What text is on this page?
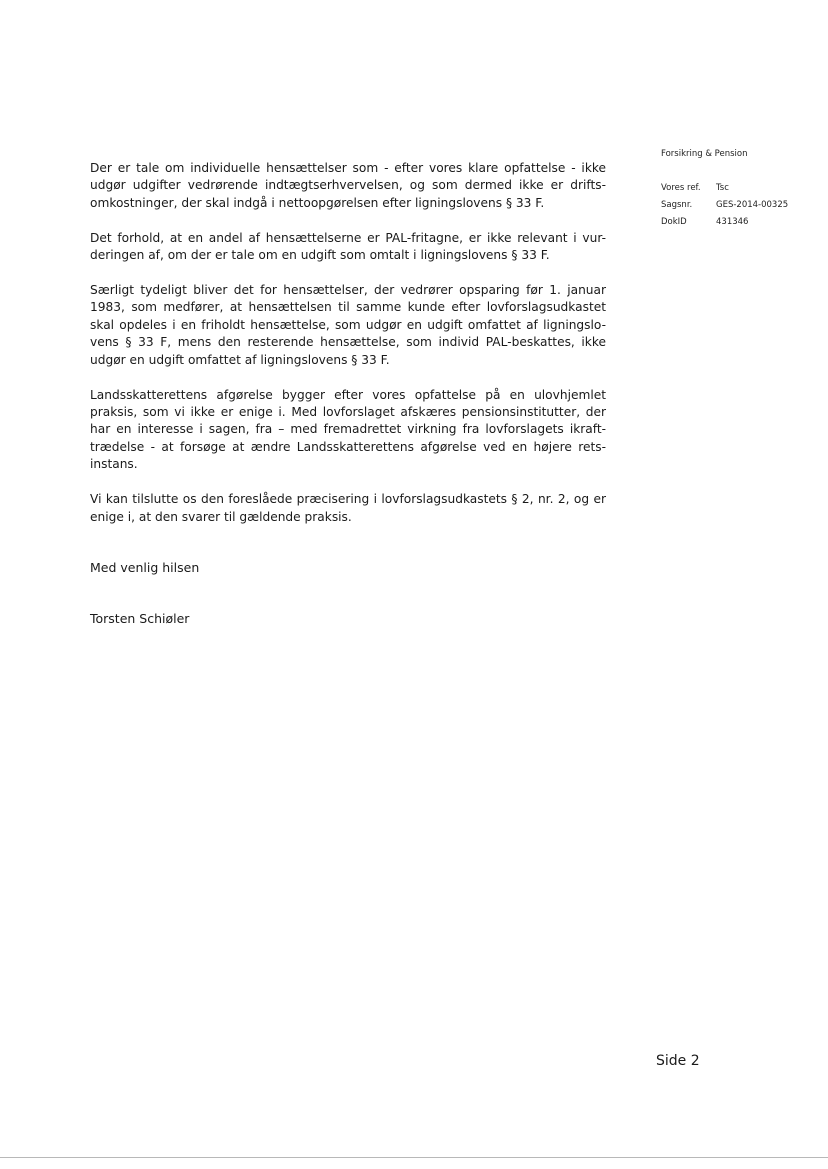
Forsikring & Pension
Vores ref.	Tsc
Sagsnr.	GES-2014-00325
DokID	431346

Der er tale om individuelle hensættelser som - efter vores klare opfattelse - ikke udgør udgifter vedrørende indtægtserhvervelsen, og som dermed ikke er drifts-omkostninger, der skal indgå i nettoopgørelsen efter ligningslovens § 33 F.

Det forhold, at en andel af hensættelserne er PAL-fritagne, er ikke relevant i vur-deringen af, om der er tale om en udgift som omtalt i ligningslovens § 33 F.

Særligt tydeligt bliver det for hensættelser, der vedrører opsparing før 1. januar 1983, som medfører, at hensættelsen til samme kunde efter lovforslagsudkastet skal opdeles i en friholdt hensættelse, som udgør en udgift omfattet af ligningslo-vens § 33 F, mens den resterende hensættelse, som individ PAL-beskattes, ikke udgør en udgift omfattet af ligningslovens § 33 F.

Landsskatterettens afgørelse bygger efter vores opfattelse på en ulovhjemlet praksis, som vi ikke er enige i. Med lovforslaget afskæres pensionsinstitutter, der har en interesse i sagen, fra – med fremadrettet virkning fra lovforslagets ikraft-trædelse - at forsøge at ændre Landsskatterettens afgørelse ved en højere rets-instans.

Vi kan tilslutte os den foreslåede præcisering i lovforslagsudkastets § 2, nr. 2, og er enige i, at den svarer til gældende praksis.

Med venlig hilsen
Torsten Schiøler
Side 2
